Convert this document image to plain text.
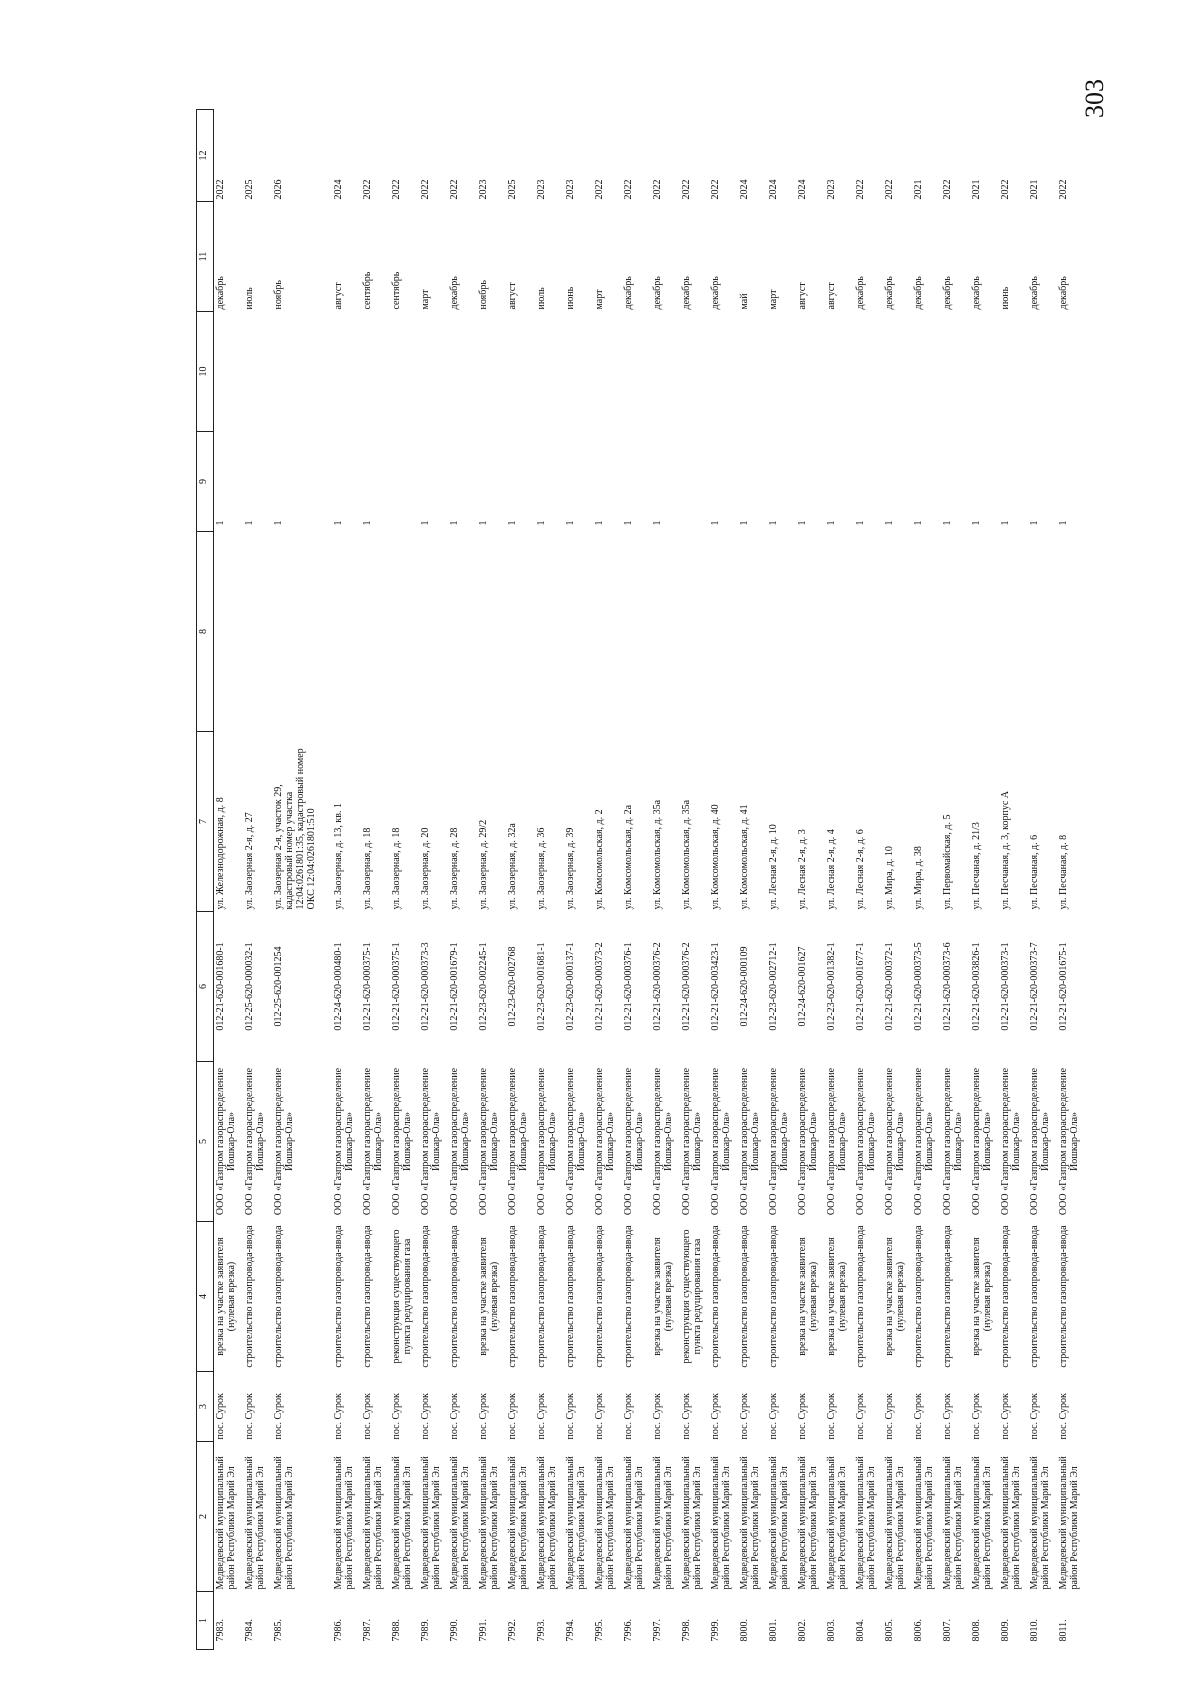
303
1	2	3	4	5	6	7	8	9	10	11	12

7983.	Медведевский муниципальный район Республики Марий Эл	пос. Сурок	врезка на участке заявителя (нулевая врезка)	ООО «Газпром газораспределение Йошкар-Ола»	012-21-620-001680-1	ул. Железнодорожная, д. 8		1		декабрь	2022

7984.	Медведевский муниципальный район Республики Марий Эл	пос. Сурок	строительство газопровода-ввода	ООО «Газпром газораспределение Йошкар-Ола»	012-25-620-000032-1	ул. Заозерная 2-я, д. 27		1		июль	2025

7985.	Медведевский муниципальный район Республики Марий Эл	пос. Сурок	строительство газопровода-ввода	ООО «Газпром газораспределение Йошкар-Ола»	012-25-620-001254	ул. Заозерная 2-я, участок 29, кадастровый номер участка 12:04:0261801:35, кадастровый номер ОКС 12:04:0261801:510		1		ноябрь	2026

7986.	Медведевский муниципальный район Республики Марий Эл	пос. Сурок	строительство газопровода-ввода	ООО «Газпром газораспределение Йошкар-Ола»	012-24-620-000480-1	ул. Заозерная, д. 13, кв. 1		1		август	2024

7987.	Медведевский муниципальный район Республики Марий Эл	пос. Сурок	строительство газопровода-ввода	ООО «Газпром газораспределение Йошкар-Ола»	012-21-620-000375-1	ул. Заозерная, д. 18		1		сентябрь	2022

7988.	Медведевский муниципальный район Республики Марий Эл	пос. Сурок	реконструкция существующего пункта редуцирования газа	ООО «Газпром газораспределение Йошкар-Ола»	012-21-620-000375-1	ул. Заозерная, д. 18				сентябрь	2022

7989.	Медведевский муниципальный район Республики Марий Эл	пос. Сурок	строительство газопровода-ввода	ООО «Газпром газораспределение Йошкар-Ола»	012-21-620-000373-3	ул. Заозерная, д. 20		1		март	2022

7990.	Медведевский муниципальный район Республики Марий Эл	пос. Сурок	строительство газопровода-ввода	ООО «Газпром газораспределение Йошкар-Ола»	012-21-620-001679-1	ул. Заозерная, д. 28		1		декабрь	2022

7991.	Медведевский муниципальный район Республики Марий Эл	пос. Сурок	врезка на участке заявителя (нулевая врезка)	ООО «Газпром газораспределение Йошкар-Ола»	012-23-620-002245-1	ул. Заозерная, д. 29/2		1		ноябрь	2023

7992.	Медведевский муниципальный район Республики Марий Эл	пос. Сурок	строительство газопровода-ввода	ООО «Газпром газораспределение Йошкар-Ола»	012-23-620-002768	ул. Заозерная, д. 32а		1		август	2025

7993.	Медведевский муниципальный район Республики Марий Эл	пос. Сурок	строительство газопровода-ввода	ООО «Газпром газораспределение Йошкар-Ола»	012-23-620-001681-1	ул. Заозерная, д. 36		1		июль	2023

7994.	Медведевский муниципальный район Республики Марий Эл	пос. Сурок	строительство газопровода-ввода	ООО «Газпром газораспределение Йошкар-Ола»	012-23-620-000137-1	ул. Заозерная, д. 39		1		июнь	2023

7995.	Медведевский муниципальный район Республики Марий Эл	пос. Сурок	строительство газопровода-ввода	ООО «Газпром газораспределение Йошкар-Ола»	012-21-620-000373-2	ул. Комсомольская, д. 2		1		март	2022

7996.	Медведевский муниципальный район Республики Марий Эл	пос. Сурок	строительство газопровода-ввода	ООО «Газпром газораспределение Йошкар-Ола»	012-21-620-000376-1	ул. Комсомольская, д. 2а		1		декабрь	2022

7997.	Медведевский муниципальный район Республики Марий Эл	пос. Сурок	врезка на участке заявителя (нулевая врезка)	ООО «Газпром газораспределение Йошкар-Ола»	012-21-620-000376-2	ул. Комсомольская, д. 35а		1		декабрь	2022

7998.	Медведевский муниципальный район Республики Марий Эл	пос. Сурок	реконструкция существующего пункта редуцирования газа	ООО «Газпром газораспределение Йошкар-Ола»	012-21-620-000376-2	ул. Комсомольская, д. 35а				декабрь	2022

7999.	Медведевский муниципальный район Республики Марий Эл	пос. Сурок	строительство газопровода-ввода	ООО «Газпром газораспределение Йошкар-Ола»	012-21-620-003423-1	ул. Комсомольская, д. 40		1		декабрь	2022

8000.	Медведевский муниципальный район Республики Марий Эл	пос. Сурок	строительство газопровода-ввода	ООО «Газпром газораспределение Йошкар-Ола»	012-24-620-000109	ул. Комсомольская, д. 41		1		май	2024

8001.	Медведевский муниципальный район Республики Марий Эл	пос. Сурок	строительство газопровода-ввода	ООО «Газпром газораспределение Йошкар-Ола»	012-23-620-002712-1	ул. Лесная 2-я, д. 10		1		март	2024

8002.	Медведевский муниципальный район Республики Марий Эл	пос. Сурок	врезка на участке заявителя (нулевая врезка)	ООО «Газпром газораспределение Йошкар-Ола»	012-24-620-001627	ул. Лесная 2-я, д. 3		1		август	2024

8003.	Медведевский муниципальный район Республики Марий Эл	пос. Сурок	врезка на участке заявителя (нулевая врезка)	ООО «Газпром газораспределение Йошкар-Ола»	012-23-620-001382-1	ул. Лесная 2-я, д. 4		1		август	2023

8004.	Медведевский муниципальный район Республики Марий Эл	пос. Сурок	строительство газопровода-ввода	ООО «Газпром газораспределение Йошкар-Ола»	012-21-620-001677-1	ул. Лесная 2-я, д. 6		1		декабрь	2022

8005.	Медведевский муниципальный район Республики Марий Эл	пос. Сурок	врезка на участке заявителя (нулевая врезка)	ООО «Газпром газораспределение Йошкар-Ола»	012-21-620-000372-1	ул. Мира, д. 10		1		декабрь	2022

8006.	Медведевский муниципальный район Республики Марий Эл	пос. Сурок	строительство газопровода-ввода	ООО «Газпром газораспределение Йошкар-Ола»	012-21-620-000373-5	ул. Мира, д. 38		1		декабрь	2021

8007.	Медведевский муниципальный район Республики Марий Эл	пос. Сурок	строительство газопровода-ввода	ООО «Газпром газораспределение Йошкар-Ола»	012-21-620-000373-6	ул. Первомайская, д. 5		1		декабрь	2022

8008.	Медведевский муниципальный район Республики Марий Эл	пос. Сурок	врезка на участке заявителя (нулевая врезка)	ООО «Газпром газораспределение Йошкар-Ола»	012-21-620-003826-1	ул. Песчаная, д. 21/3		1		декабрь	2021

8009.	Медведевский муниципальный район Республики Марий Эл	пос. Сурок	строительство газопровода-ввода	ООО «Газпром газораспределение Йошкар-Ола»	012-21-620-000373-1	ул. Песчаная, д. 3, корпус А		1		июнь	2022

8010.	Медведевский муниципальный район Республики Марий Эл	пос. Сурок	строительство газопровода-ввода	ООО «Газпром газораспределение Йошкар-Ола»	012-21-620-000373-7	ул. Песчаная, д. 6		1		декабрь	2021

8011.	Медведевский муниципальный район Республики Марий Эл	пос. Сурок	строительство газопровода-ввода	ООО «Газпром газораспределение Йошкар-Ола»	012-21-620-001675-1	ул. Песчаная, д. 8		1		декабрь	2022
